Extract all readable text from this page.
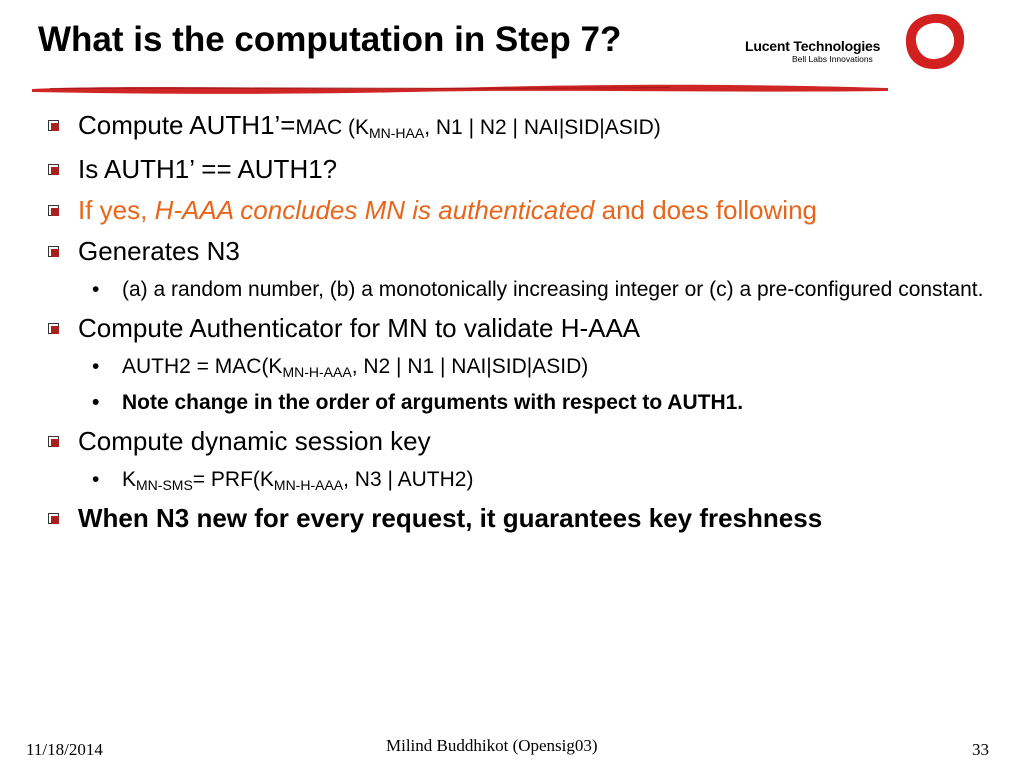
What is the computation in Step 7?	Lucent Technologies
Bell Labs Innovations

Compute AUTH1’=MAC ($K_{MN-HAA}$, N1 | N2 | NAI|SID|ASID)

Is AUTH1’ == AUTH1?

If yes, H-AAA concludes MN is authenticated and does following

Generates N3

• (a) a random number, (b) a monotonically increasing integer or (c) a pre-configured constant.

Compute Authenticator for MN to validate H-AAA

• AUTH2 = $MAC(K_{MN-H-AAA}$, N2 | N1 | NAI|SID|ASID)

• Note change in the order of arguments with respect to AUTH1.

Compute dynamic session key

• $K_{MN-SMS}= PRF(K_{MN-H-AAA}$, N3 | AUTH2)

When N3 new for every request, it guarantees key freshness

11/18/2014	Milind Buddhikot (Opensig03)	33
